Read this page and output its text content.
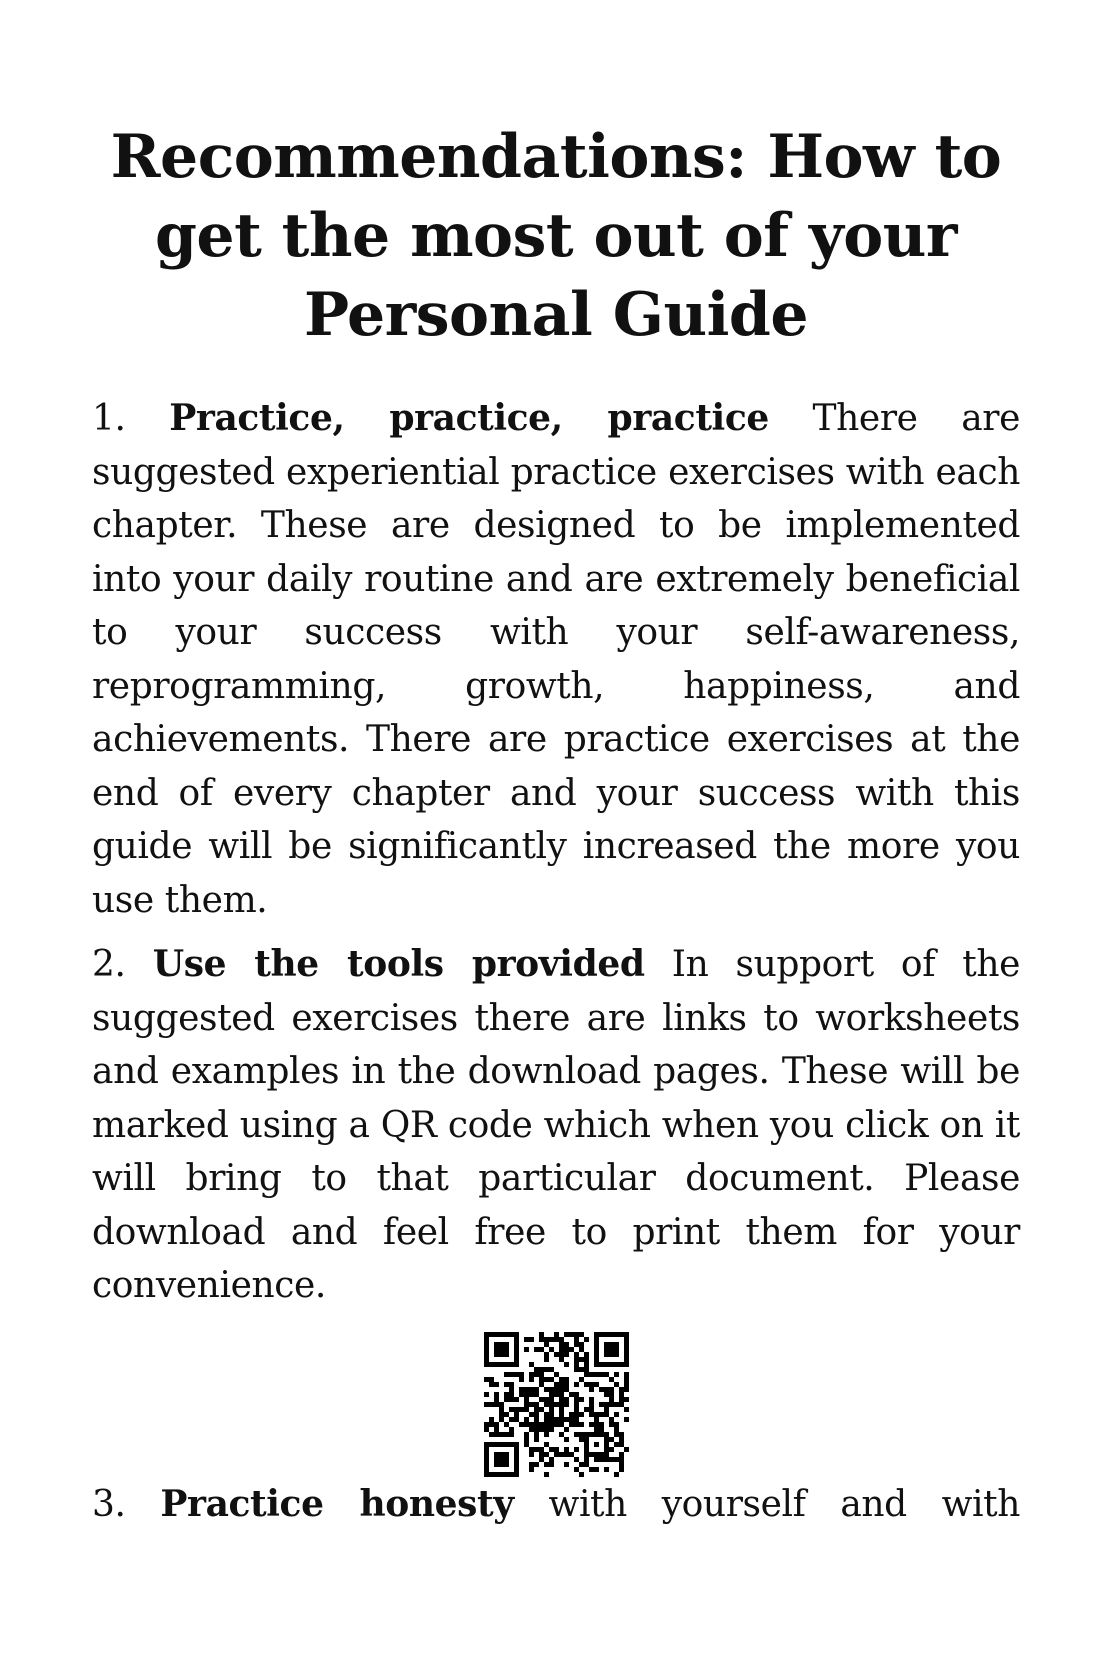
Recommendations: How to get the most out of your Personal Guide

1. Practice, practice, practice There are suggested experiential practice exercises with each chapter. These are designed to be implemented into your daily routine and are extremely beneficial to your success with your self-awareness, reprogramming, growth, happiness, and achievements. There are practice exercises at the end of every chapter and your success with this guide will be significantly increased the more you use them.

2. Use the tools provided In support of the suggested exercises there are links to worksheets and examples in the download pages. These will be marked using a QR code which when you click on it will bring to that particular document. Please download and feel free to print them for your convenience.

3. Practice honesty with yourself and with
